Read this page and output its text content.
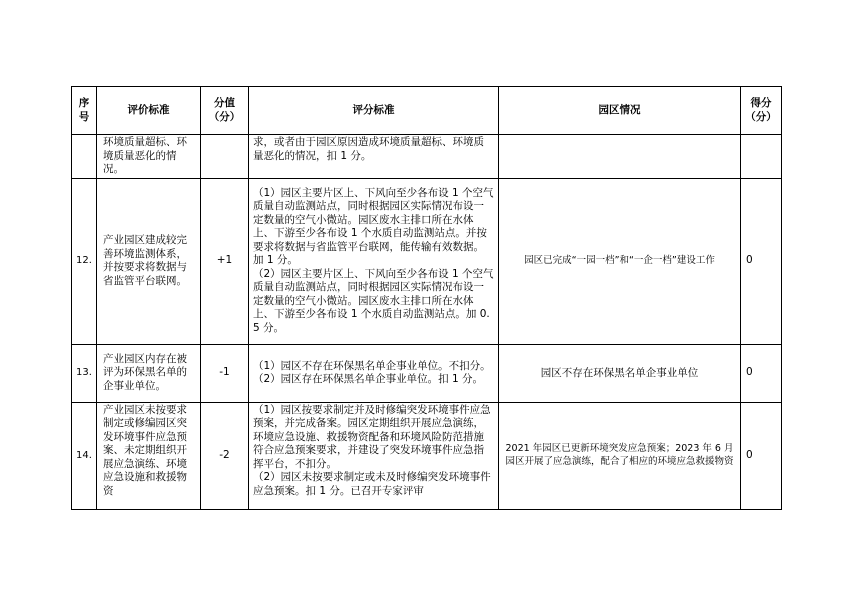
序号	评价标准	分值（分）	评分标准	园区情况	得分（分）
	环境质量超标、环境质量恶化的情况。		求，或者由于园区原因造成环境质量超标、环境质量恶化的情况，扣 1 分。		

12.	产业园区建成较完善环境监测体系，并按要求将数据与省监管平台联网。	+1	（1）园区主要片区上、下风向至少各布设 1 个空气质量自动监测站点，同时根据园区实际情况布设一定数量的空气小微站。园区废水主排口所在水体上、下游至少各布设 1 个水质自动监测站点。并按要求将数据与省监管平台联网，能传输有效数据。加 1 分。
（2）园区主要片区上、下风向至少各布设 1 个空气质量自动监测站点，同时根据园区实际情况布设一定数量的空气小微站。园区废水主排口所在水体上、下游至少各布设 1 个水质自动监测站点。加 0.5 分。	园区已完成“一园一档”和“一企一档”建设工作	0
13.	产业园区内存在被评为环保黑名单的企事业单位。	-1	（1）园区不存在环保黑名单企事业单位。不扣分。
（2）园区存在环保黑名单企事业单位。扣 1 分。	园区不存在环保黑名单企事业单位	0
14.	产业园区未按要求制定或修编园区突发环境事件应急预案、未定期组织开展应急演练、环境应急设施和救援物资	-2	（1）园区按要求制定并及时修编突发环境事件应急预案，并完成备案。园区定期组织开展应急演练，环境应急设施、救援物资配备和环境风险防范措施符合应急预案要求，并建设了突发环境事件应急指挥平台，不扣分。
（2）园区未按要求制定或未及时修编突发环境事件应急预案。扣 1 分。已召开专家评审	2021 年园区已更新环境突发应急预案；2023 年 6 月园区开展了应急演练，配合了相应的环境应急救援物资	0
